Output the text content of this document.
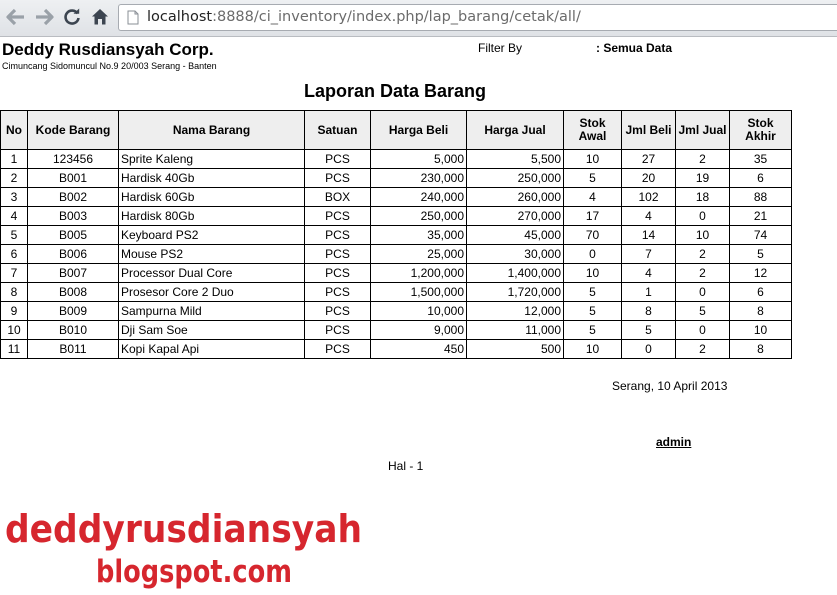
localhost:8888/ci_inventory/index.php/lap_barang/cetak/all/
Deddy Rusdiansyah Corp.
Cimuncang Sidomuncul No.9 20/003 Serang - Banten
Filter By	: Semua Data
Laporan Data Barang
No	Kode Barang	Nama Barang	Satuan	Harga Beli	Harga Jual	Stok Awal	Jml Beli	Jml Jual	Stok Akhir
1	123456	Sprite Kaleng	PCS	5,000	5,500	10	27	2	35
2	B001	Hardisk 40Gb	PCS	230,000	250,000	5	20	19	6
3	B002	Hardisk 60Gb	BOX	240,000	260,000	4	102	18	88
4	B003	Hardisk 80Gb	PCS	250,000	270,000	17	4	0	21
5	B005	Keyboard PS2	PCS	35,000	45,000	70	14	10	74
6	B006	Mouse PS2	PCS	25,000	30,000	0	7	2	5
7	B007	Processor Dual Core	PCS	1,200,000	1,400,000	10	4	2	12
8	B008	Prosesor Core 2 Duo	PCS	1,500,000	1,720,000	5	1	0	6
9	B009	Sampurna Mild	PCS	10,000	12,000	5	8	5	8
10	B010	Dji Sam Soe	PCS	9,000	11,000	5	5	0	10
11	B011	Kopi Kapal Api	PCS	450	500	10	0	2	8
Serang, 10 April 2013
admin
Hal - 1
deddyrusdiansyah
blogspot.com
